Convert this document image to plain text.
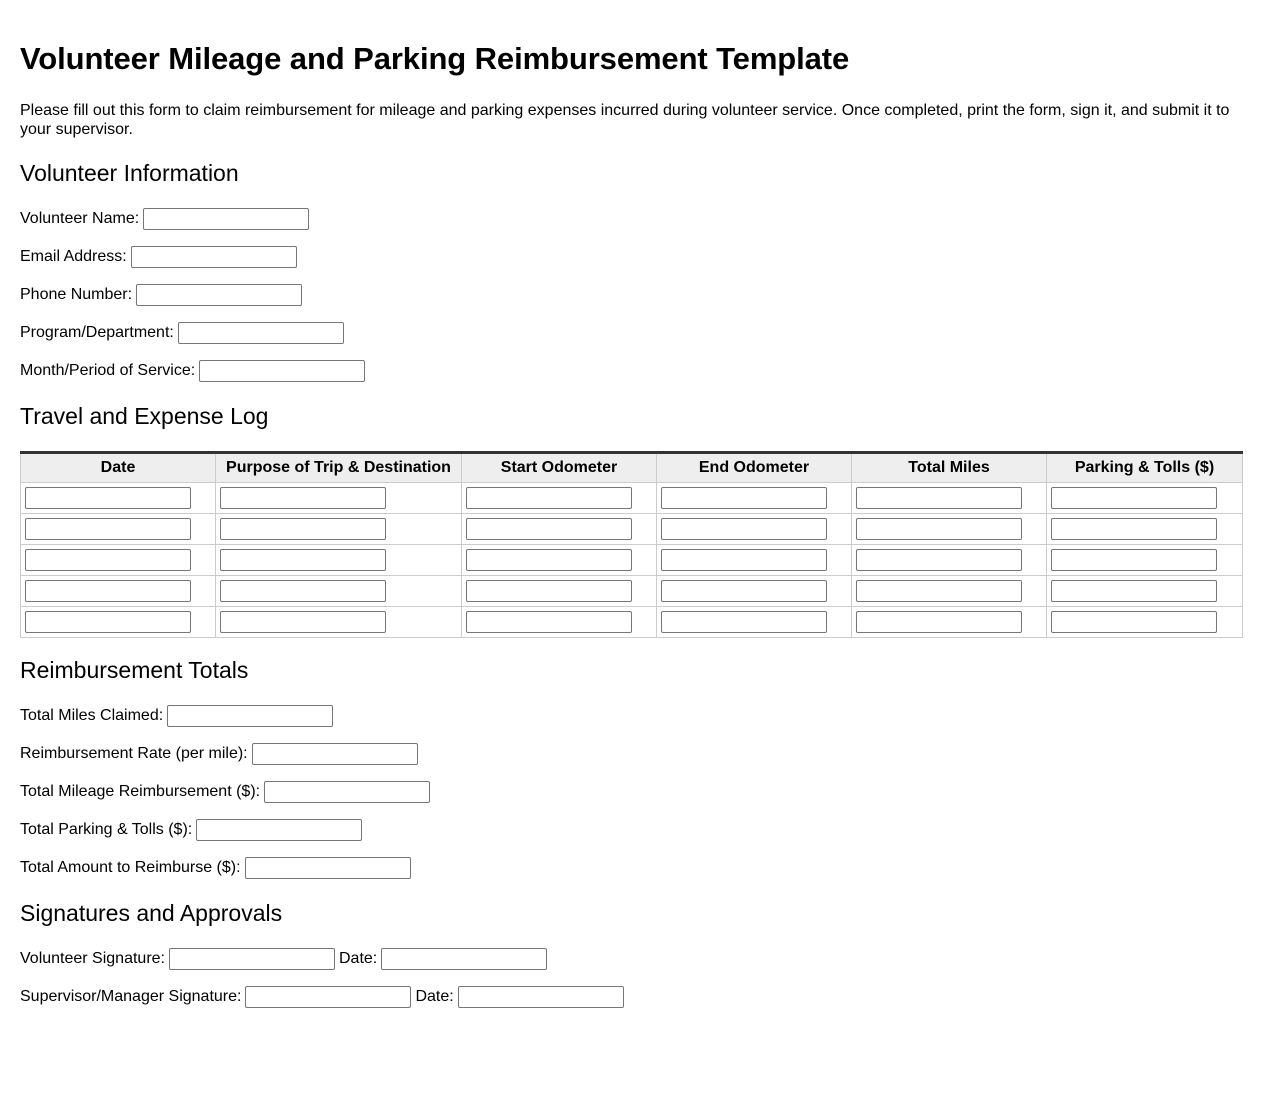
Volunteer Mileage and Parking Reimbursement Template

Please fill out this form to claim reimbursement for mileage and parking expenses incurred during volunteer service. Once completed, print the form, sign it, and submit it to your supervisor.

Volunteer Information
Volunteer Name:
Email Address:
Phone Number:
Program/Department:
Month/Period of Service:
Travel and Expense Log
Date	Purpose of Trip & Destination	Start Odometer	End Odometer	Total Miles	Parking & Tolls ($)

Reimbursement Totals
Total Miles Claimed:
Reimbursement Rate (per mile):
Total Mileage Reimbursement ($):
Total Parking & Tolls ($):
Total Amount to Reimburse ($):
Signatures and Approvals
Volunteer Signature:	Date:
Supervisor/Manager Signature:	Date:
